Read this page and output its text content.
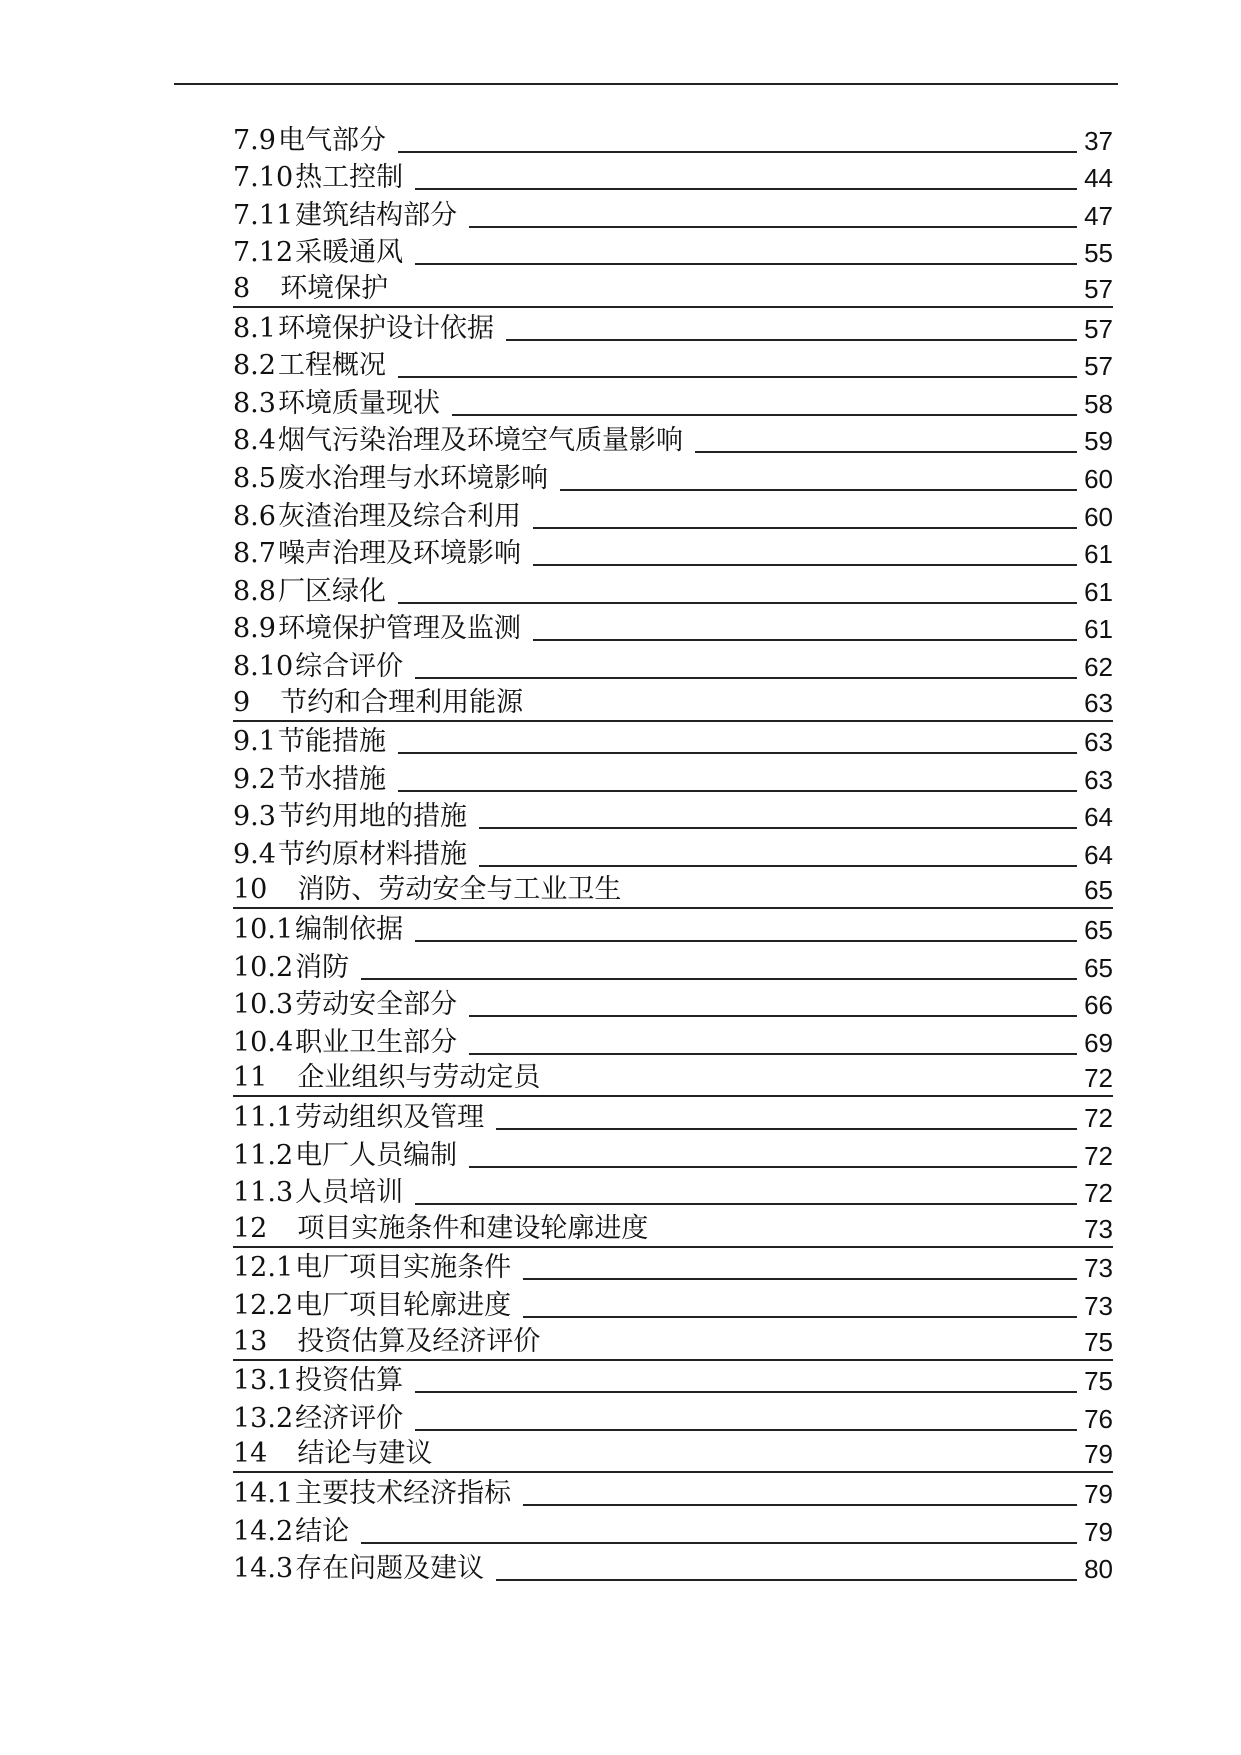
7.9 电气部分	37
7.10 热工控制	44
7.11 建筑结构部分	47
7.12 采暖通风	55
8	环境保护	57
8.1 环境保护设计依据	57
8.2 工程概况	57
8.3 环境质量现状	58
8.4 烟气污染治理及环境空气质量影响	59
8.5 废水治理与水环境影响	60
8.6 灰渣治理及综合利用	60
8.7 噪声治理及环境影响	61
8.8 厂区绿化	61
8.9 环境保护管理及监测	61
8.10 综合评价	62
9	节约和合理利用能源	63
9.1 节能措施	63
9.2 节水措施	63
9.3 节约用地的措施	64
9.4 节约原材料措施	64
10	消防、劳动安全与工业卫生	65
10.1 编制依据	65
10.2 消防	65
10.3 劳动安全部分	66
10.4 职业卫生部分	69
11	企业组织与劳动定员	72
11.1 劳动组织及管理	72
11.2 电厂人员编制	72
11.3 人员培训	72
12	项目实施条件和建设轮廓进度	73
12.1 电厂项目实施条件	73
12.2 电厂项目轮廓进度	73
13	投资估算及经济评价	75
13.1 投资估算	75
13.2 经济评价	76
14	结论与建议	79
14.1 主要技术经济指标	79
14.2 结论	79
14.3 存在问题及建议	80
